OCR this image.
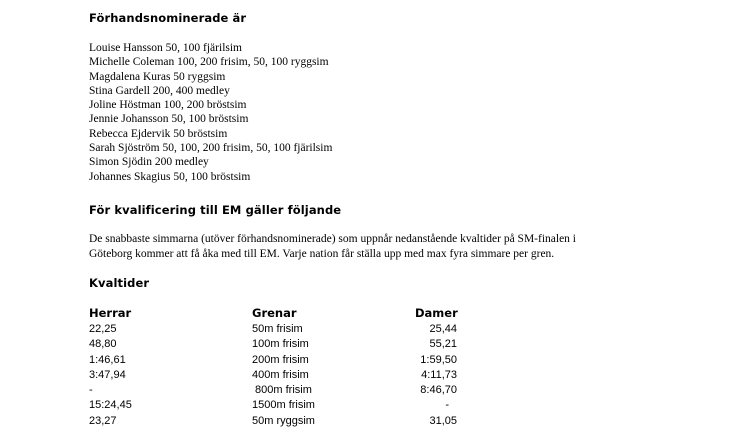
Förhandsnominerade är
Louise Hansson 50, 100 fjärilsim
Michelle Coleman 100, 200 frisim, 50, 100 ryggsim
Magdalena Kuras 50 ryggsim
Stina Gardell 200, 400 medley
Joline Höstman 100, 200 bröstsim
Jennie Johansson 50, 100 bröstsim
Rebecca Ejdervik 50 bröstsim
Sarah Sjöström 50, 100, 200 frisim, 50, 100 fjärilsim
Simon Sjödin 200 medley
Johannes Skagius 50, 100 bröstsim
För kvalificering till EM gäller följande
De snabbaste simmarna (utöver förhandsnominerade) som uppnår nedanstående kvaltider på SM-finalen i
Göteborg kommer att få åka med till EM. Varje nation får ställa upp med max fyra simmare per gren.
Kvaltider
Herrar	Grenar	Damer
22,25	50m frisim	25,44
48,80	100m frisim	55,21
1:46,61	200m frisim	1:59,50
3:47,94	400m frisim	4:11,73
-	800m frisim	8:46,70
15:24,45	1500m frisim	-
23,27	50m ryggsim	31,05
